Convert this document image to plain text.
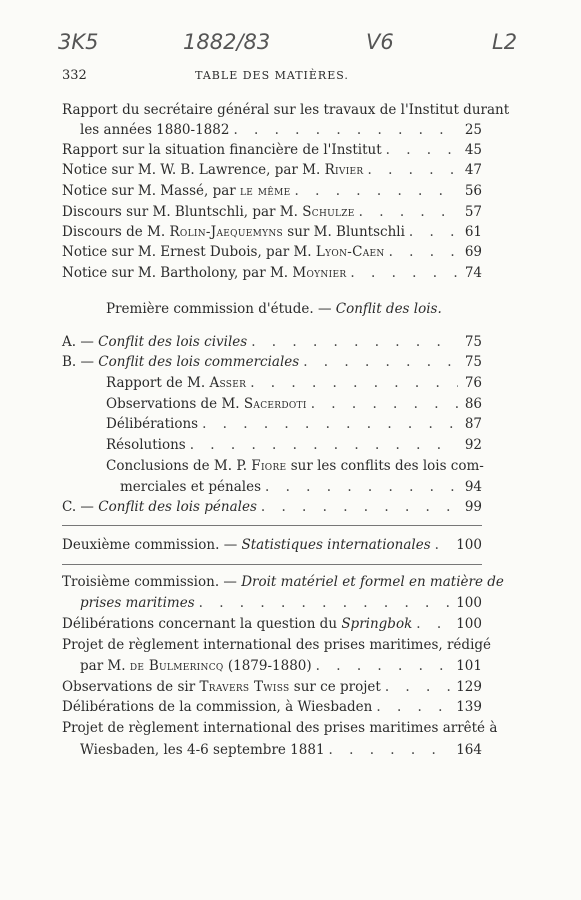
3K5	1882/83	V6	L2
332	TABLE DES MATIÈRES.
Rapport du secrétaire général sur les travaux de l'Institut durant
les années 1880-1882 . . .	25
Rapport sur la situation financière de l'Institut . . .	45
Notice sur M. W. B. Lawrence, par M. Rivier . . .	47
Notice sur M. Massé, par le même . . .	56
Discours sur M. Bluntschli, par M. Schulze . . .	57
Discours de M. Rolin-Jaequemyns sur M. Bluntschli . . .	61
Notice sur M. Ernest Dubois, par M. Lyon-Caen . . .	69
Notice sur M. Bartholony, par M. Moynier . . .	74
Première commission d'étude. — Conflit des lois.
A. — Conflit des lois civiles . . .	75
B. — Conflit des lois commerciales . . .	75
Rapport de M. Asser . . .	76
Observations de M. Sacerdoti . . .	86
Délibérations . . .	87
Résolutions . . .	92
Conclusions de M. P. Fiore sur les conflits des lois com-
merciales et pénales . . .	94
C. — Conflit des lois pénales . . .	99
Deuxième commission. — Statistiques internationales . . . 100
Troisième commission. — Droit matériel et formel en matière de
prises maritimes . . .	100
Délibérations concernant la question du Springbok . . .	100
Projet de règlement international des prises maritimes, rédigé
par M. de Bulmerincq (1879-1880) . . .	101
Observations de sir Travers Twiss sur ce projet . . .	129
Délibérations de la commission, à Wiesbaden . . .	139
Projet de règlement international des prises maritimes arrêté à
Wiesbaden, les 4-6 septembre 1881 . . .	164
